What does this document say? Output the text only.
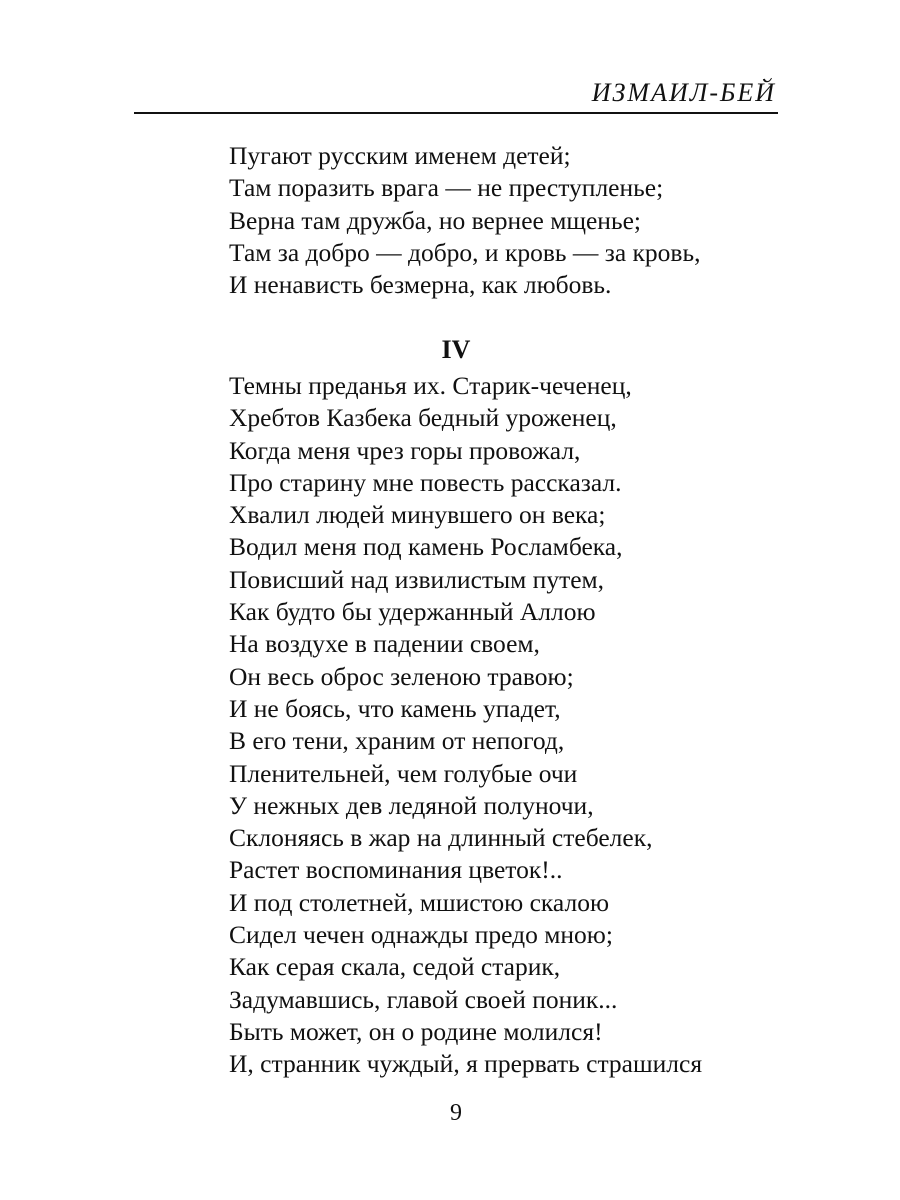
ИЗМАИЛ-БЕЙ
Пугают русским именем детей;
Там поразить врага — не преступленье;
Верна там дружба, но вернее мщенье;
Там за добро — добро, и кровь — за кровь,
И ненависть безмерна, как любовь.
IV
Темны преданья их. Старик-чеченец,
Хребтов Казбека бедный уроженец,
Когда меня чрез горы провожал,
Про старину мне повесть рассказал.
Хвалил людей минувшего он века;
Водил меня под камень Росламбека,
Повисший над извилистым путем,
Как будто бы удержанный Аллою
На воздухе в падении своем,
Он весь оброс зеленою травою;
И не боясь, что камень упадет,
В его тени, храним от непогод,
Пленительней, чем голубые очи
У нежных дев ледяной полуночи,
Склоняясь в жар на длинный стебелек,
Растет воспоминания цветок!..
И под столетней, мшистою скалою
Сидел чечен однажды предо мною;
Как серая скала, седой старик,
Задумавшись, главой своей поник...
Быть может, он о родине молился!
И, странник чуждый, я прервать страшился
9
